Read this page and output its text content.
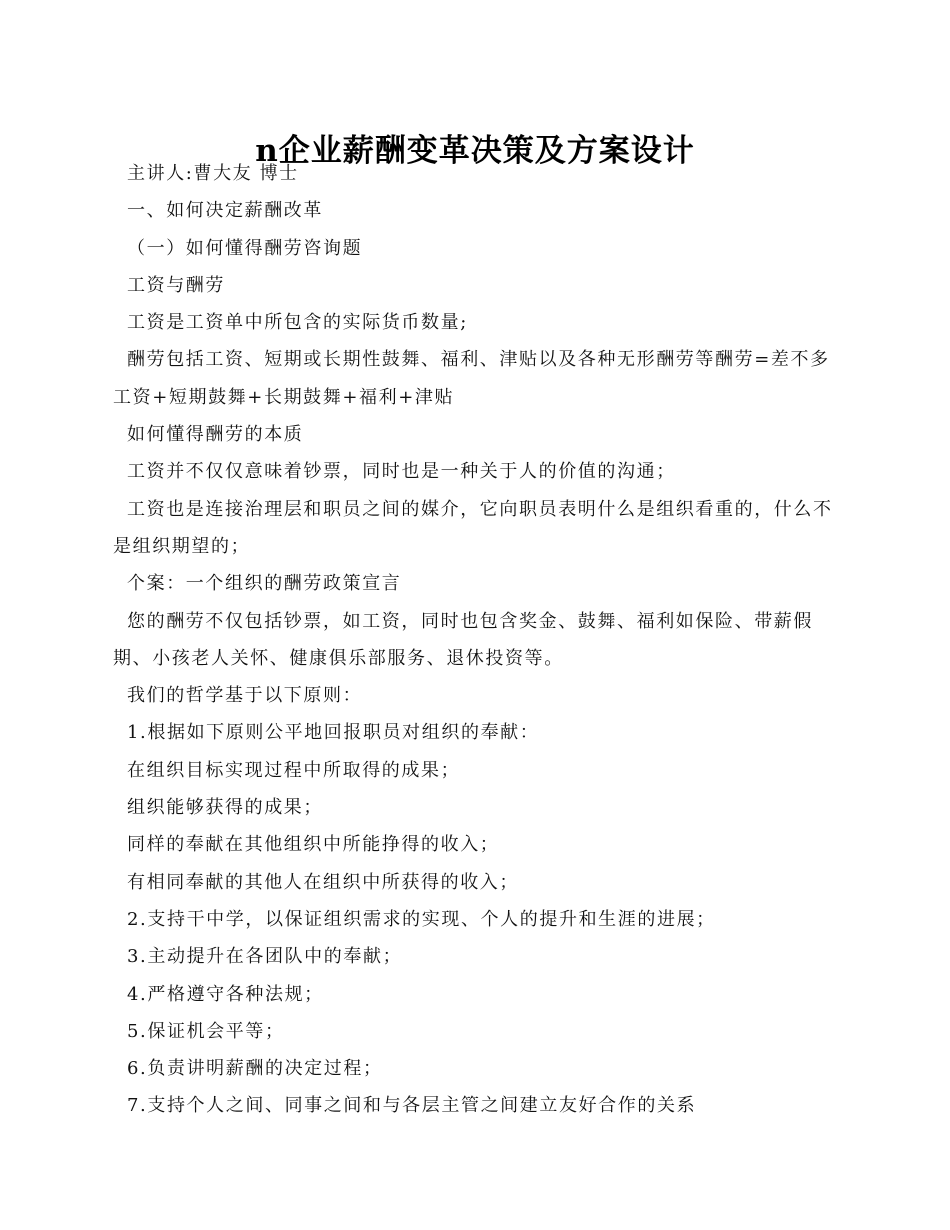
n企业薪酬变革决策及方案设计

主讲人:曹大友 博士

一、如何决定薪酬改革

（一）如何懂得酬劳咨询题

工资与酬劳

工资是工资单中所包含的实际货币数量;

酬劳包括工资、短期或长期性鼓舞、福利、津贴以及各种无形酬劳等酬劳=差不多工资+短期鼓舞+长期鼓舞+福利+津贴

如何懂得酬劳的本质

工资并不仅仅意味着钞票，同时也是一种关于人的价值的沟通；

工资也是连接治理层和职员之间的媒介，它向职员表明什么是组织看重的，什么不是组织期望的；

个案：一个组织的酬劳政策宣言

您的酬劳不仅包括钞票，如工资，同时也包含奖金、鼓舞、福利如保险、带薪假期、小孩老人关怀、健康俱乐部服务、退休投资等。

我们的哲学基于以下原则：

1.根据如下原则公平地回报职员对组织的奉献：

在组织目标实现过程中所取得的成果；

组织能够获得的成果；

同样的奉献在其他组织中所能挣得的收入；

有相同奉献的其他人在组织中所获得的收入；

2.支持干中学，以保证组织需求的实现、个人的提升和生涯的进展；

3.主动提升在各团队中的奉献；

4.严格遵守各种法规；

5.保证机会平等；

6.负责讲明薪酬的决定过程；

7.支持个人之间、同事之间和与各层主管之间建立友好合作的关系
